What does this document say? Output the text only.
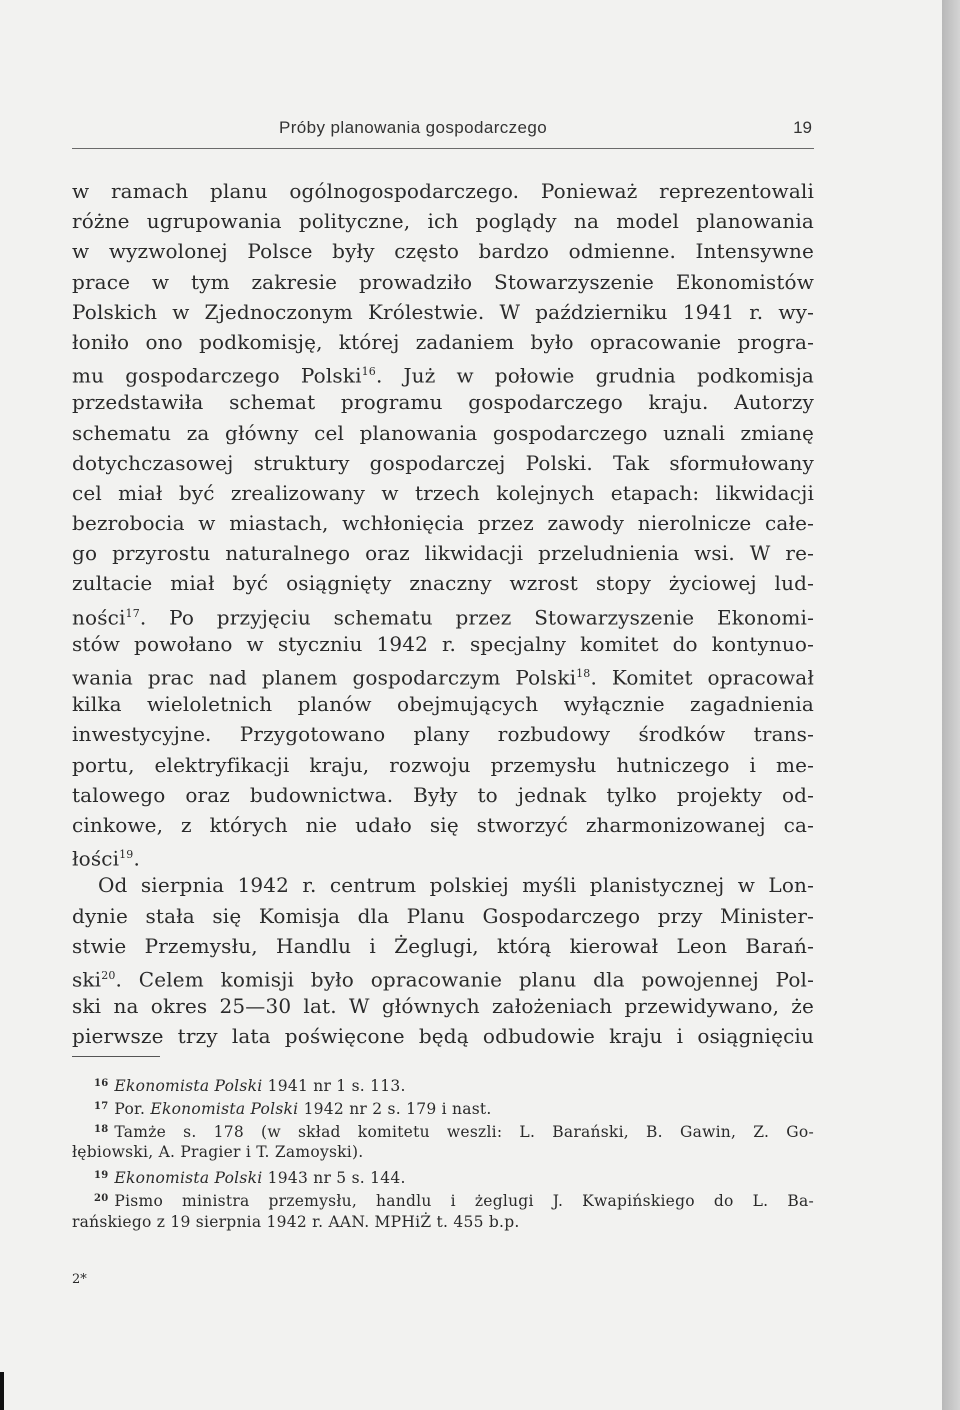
Próby planowania gospodarczego	19
w ramach planu ogólnogospodarczego. Ponieważ reprezentowali
różne ugrupowania polityczne, ich poglądy na model planowania
w wyzwolonej Polsce były często bardzo odmienne. Intensywne
prace w tym zakresie prowadziło Stowarzyszenie Ekonomistów
Polskich w Zjednoczonym Królestwie. W październiku 1941 r. wy-
łoniło ono podkomisję, której zadaniem było opracowanie progra-
mu gospodarczego Polski$^{16}$. Już w połowie grudnia podkomisja
przedstawiła schemat programu gospodarczego kraju. Autorzy
schematu za główny cel planowania gospodarczego uznali zmianę
dotychczasowej struktury gospodarczej Polski. Tak sformułowany
cel miał być zrealizowany w trzech kolejnych etapach: likwidacji
bezrobocia w miastach, wchłonięcia przez zawody nierolnicze całe-
go przyrostu naturalnego oraz likwidacji przeludnienia wsi. W re-
zultacie miał być osiągnięty znaczny wzrost stopy życiowej lud-
ności$^{17}$. Po przyjęciu schematu przez Stowarzyszenie Ekonomi-
stów powołano w styczniu 1942 r. specjalny komitet do kontynuo-
wania prac nad planem gospodarczym Polski$^{18}$. Komitet opracował
kilka wieloletnich planów obejmujących wyłącznie zagadnienia
inwestycyjne. Przygotowano plany rozbudowy środków trans-
portu, elektryfikacji kraju, rozwoju przemysłu hutniczego i me-
talowego oraz budownictwa. Były to jednak tylko projekty od-
cinkowe, z których nie udało się stworzyć zharmonizowanej ca-
łości$^{19}$.
Od sierpnia 1942 r. centrum polskiej myśli planistycznej w Lon-
dynie stała się Komisja dla Planu Gospodarczego przy Minister-
stwie Przemysłu, Handlu i Żeglugi, którą kierował Leon Barań-
ski$^{20}$. Celem komisji było opracowanie planu dla powojennej Pol-
ski na okres 25—30 lat. W głównych założeniach przewidywano, że
pierwsze trzy lata poświęcone będą odbudowie kraju i osiągnięciu
16 Ekonomista Polski 1941 nr 1 s. 113.
17 Por. Ekonomista Polski 1942 nr 2 s. 179 i nast.
18 Tamże s. 178 (w skład komitetu weszli: L. Barański, B. Gawin, Z. Go-
łębiowski, A. Pragier i T. Zamoyski).
19 Ekonomista Polski 1943 nr 5 s. 144.
20 Pismo ministra przemysłu, handlu i żeglugi J. Kwapińskiego do L. Ba-
rańskiego z 19 sierpnia 1942 r. AAN. MPHiŻ t. 455 b.p.
2*
